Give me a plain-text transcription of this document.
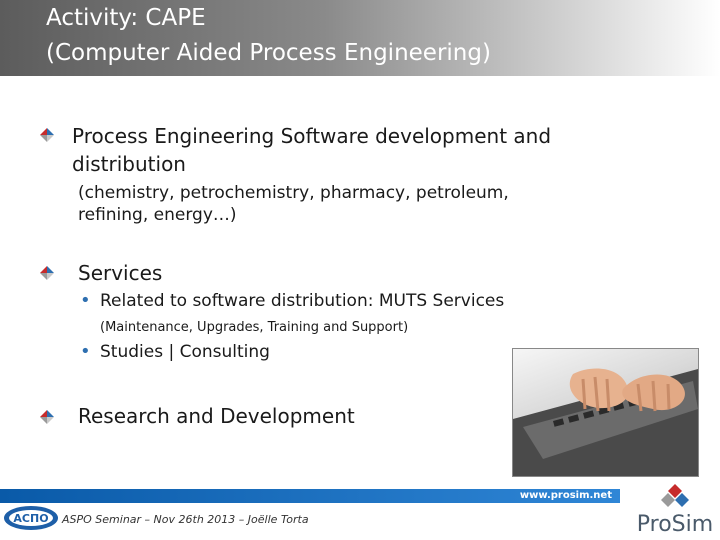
Activity: CAPE
(Computer Aided Process Engineering)
Process Engineering Software development and
distribution
(chemistry, petrochemistry, pharmacy, petroleum,
refining, energy…)
Services
• Related to software distribution: MUTS Services
(Maintenance, Upgrades, Training and Support)
• Studies | Consulting
Research and Development
www.prosim.net
ASPO Seminar – Nov 26th 2013 – Joëlle Torta
АСПО	ProSim
